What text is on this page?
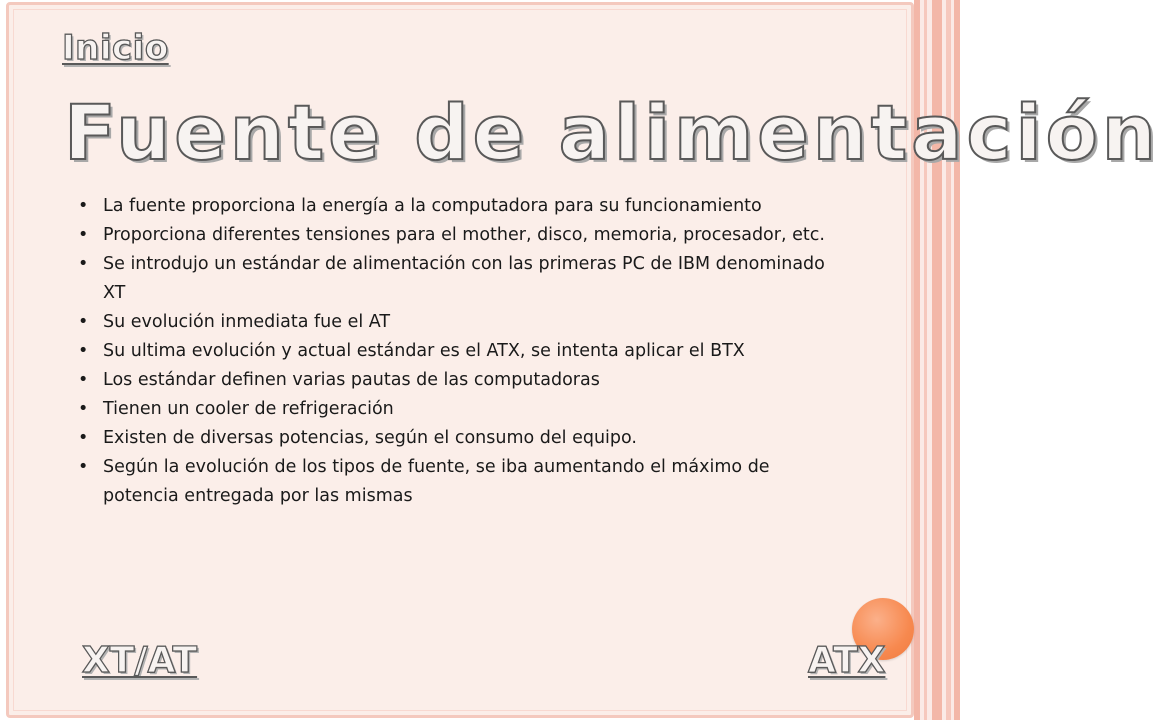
Inicio
Fuente de alimentación
• La fuente proporciona la energía a la computadora para su funcionamiento
• Proporciona diferentes tensiones para el mother, disco, memoria, procesador, etc.
• Se introdujo un estándar de alimentación con las primeras PC de IBM denominado XT
• Su evolución inmediata fue el AT
• Su ultima evolución y actual estándar es el ATX, se intenta aplicar el BTX
• Los estándar definen varias pautas de las computadoras
• Tienen un cooler de refrigeración
• Existen de diversas potencias, según el consumo del equipo.
• Según la evolución de los tipos de fuente, se iba aumentando el máximo de potencia entregada por las mismas
XT/AT	ATX
